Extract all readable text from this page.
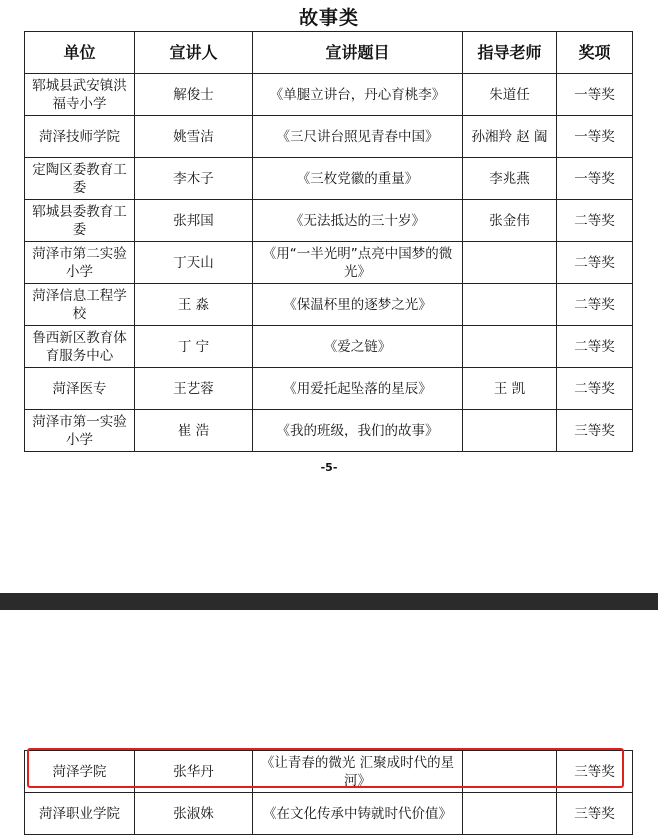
故事类
单位	宣讲人	宣讲题目	指导老师	奖项
郓城县武安镇洪福寺小学	解俊士	《单腿立讲台，丹心育桃李》	朱道任	一等奖
菏泽技师学院	姚雪洁	《三尺讲台照见青春中国》	孙湘羚 赵 阖	一等奖
定陶区委教育工委	李木子	《三枚党徽的重量》	李兆燕	一等奖
郓城县委教育工委	张邦国	《无法抵达的三十岁》	张金伟	二等奖
菏泽市第二实验小学	丁天山	《用“一半光明”点亮中国梦的微光》		二等奖
菏泽信息工程学校	王 淼	《保温杯里的逐梦之光》		二等奖
鲁西新区教育体育服务中心	丁 宁	《爱之链》		二等奖
菏泽医专	王艺蓉	《用爱托起坠落的星辰》	王 凯	二等奖
菏泽市第一实验小学	崔 浩	《我的班级，我们的故事》		三等奖
-5-
菏泽学院	张华丹	《让青春的微光 汇聚成时代的星河》		三等奖
菏泽职业学院	张淑姝	《在文化传承中铸就时代价值》		三等奖
